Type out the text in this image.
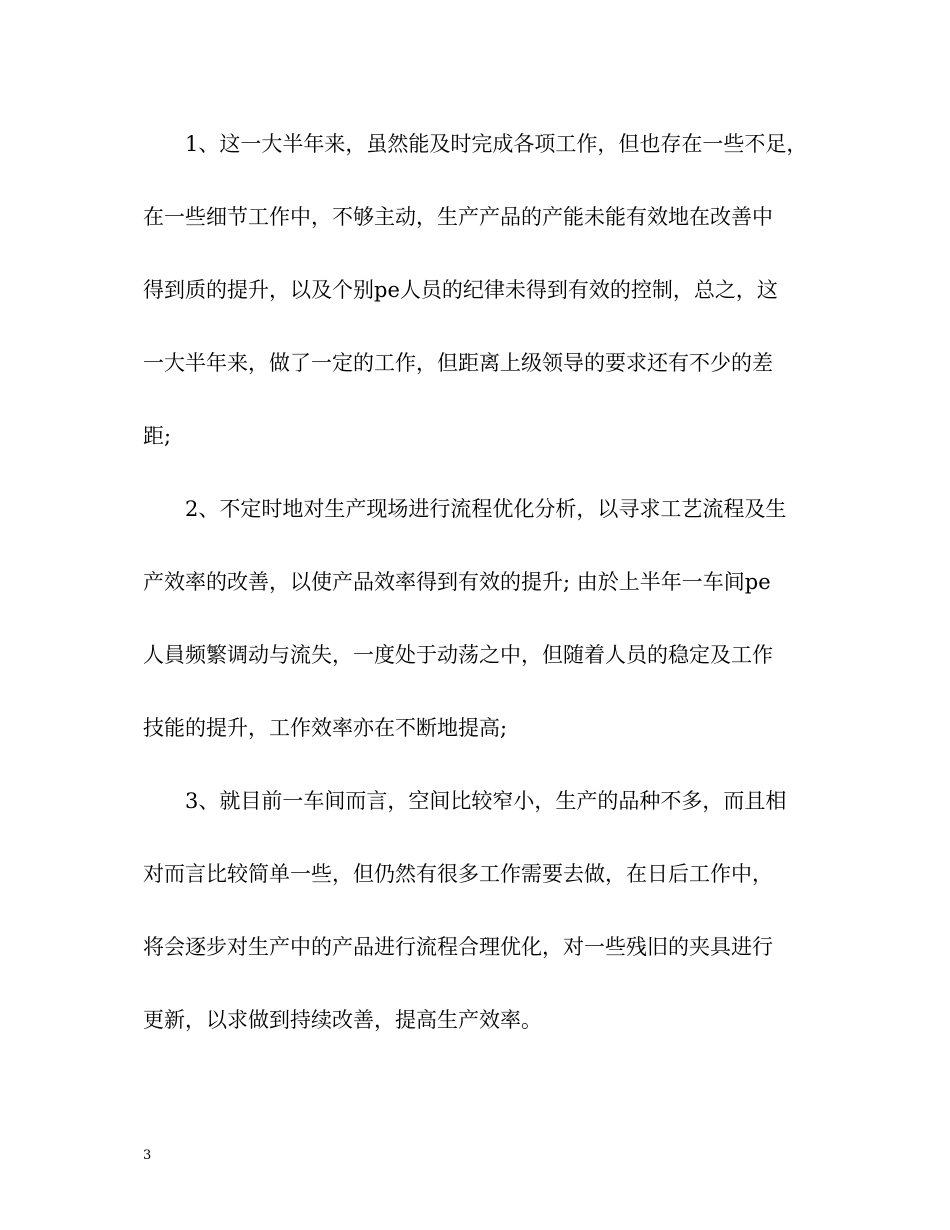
1、这一大半年来，虽然能及时完成各项工作，但也存在一些不足，
在一些细节工作中，不够主动，生产产品的产能未能有效地在改善中
得到质的提升，以及个别pe人员的纪律未得到有效的控制，总之，这
一大半年来，做了一定的工作，但距离上级领导的要求还有不少的差
距;
2、不定时地对生产现场进行流程优化分析，以寻求工艺流程及生
产效率的改善，以使产品效率得到有效的提升; 由於上半年一车间pe
人員频繁调动与流失，一度处于动荡之中，但随着人员的稳定及工作
技能的提升，工作效率亦在不断地提高;
3、就目前一车间而言，空间比较窄小，生产的品种不多，而且相
对而言比较简单一些，但仍然有很多工作需要去做，在日后工作中，
将会逐步对生产中的产品进行流程合理优化，对一些残旧的夹具进行
更新，以求做到持续改善，提高生产效率。
3
